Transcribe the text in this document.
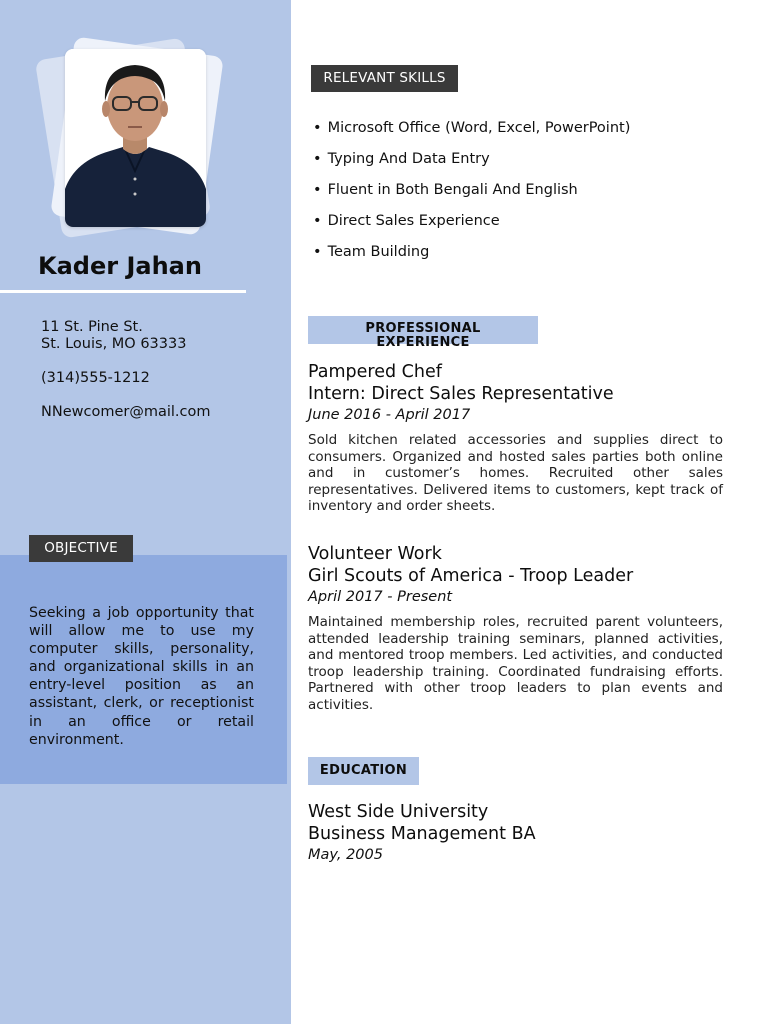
Kader Jahan
11 St. Pine St.
St. Louis, MO 63333
(314)555-1212
NNewcomer@mail.com
OBJECTIVE

Seeking a job opportunity that will allow me to use my computer skills, personality, and organizational skills in an entry-level position as an assistant, clerk, or receptionist in an office or retail environment.

RELEVANT SKILLS
• Microsoft Office (Word, Excel, PowerPoint)
• Typing And Data Entry
• Fluent in Both Bengali And English
• Direct Sales Experience
• Team Building
PROFESSIONAL
EXPERIENCE

Pampered Chef

Intern: Direct Sales Representative

June 2016 - April 2017

Sold kitchen related accessories and supplies direct to consumers. Organized and hosted sales parties both online and in customer’s homes. Recruited other sales representatives. Delivered items to customers, kept track of inventory and order sheets.

Volunteer Work

Girl Scouts of America - Troop Leader

April 2017 - Present

Maintained membership roles, recruited parent volunteers, attended leadership training seminars, planned activities, and mentored troop members. Led activities, and conducted troop leadership training. Coordinated fundraising efforts. Partnered with other troop leaders to plan events and activities.

EDUCATION

West Side University

Business Management BA

May, 2005
